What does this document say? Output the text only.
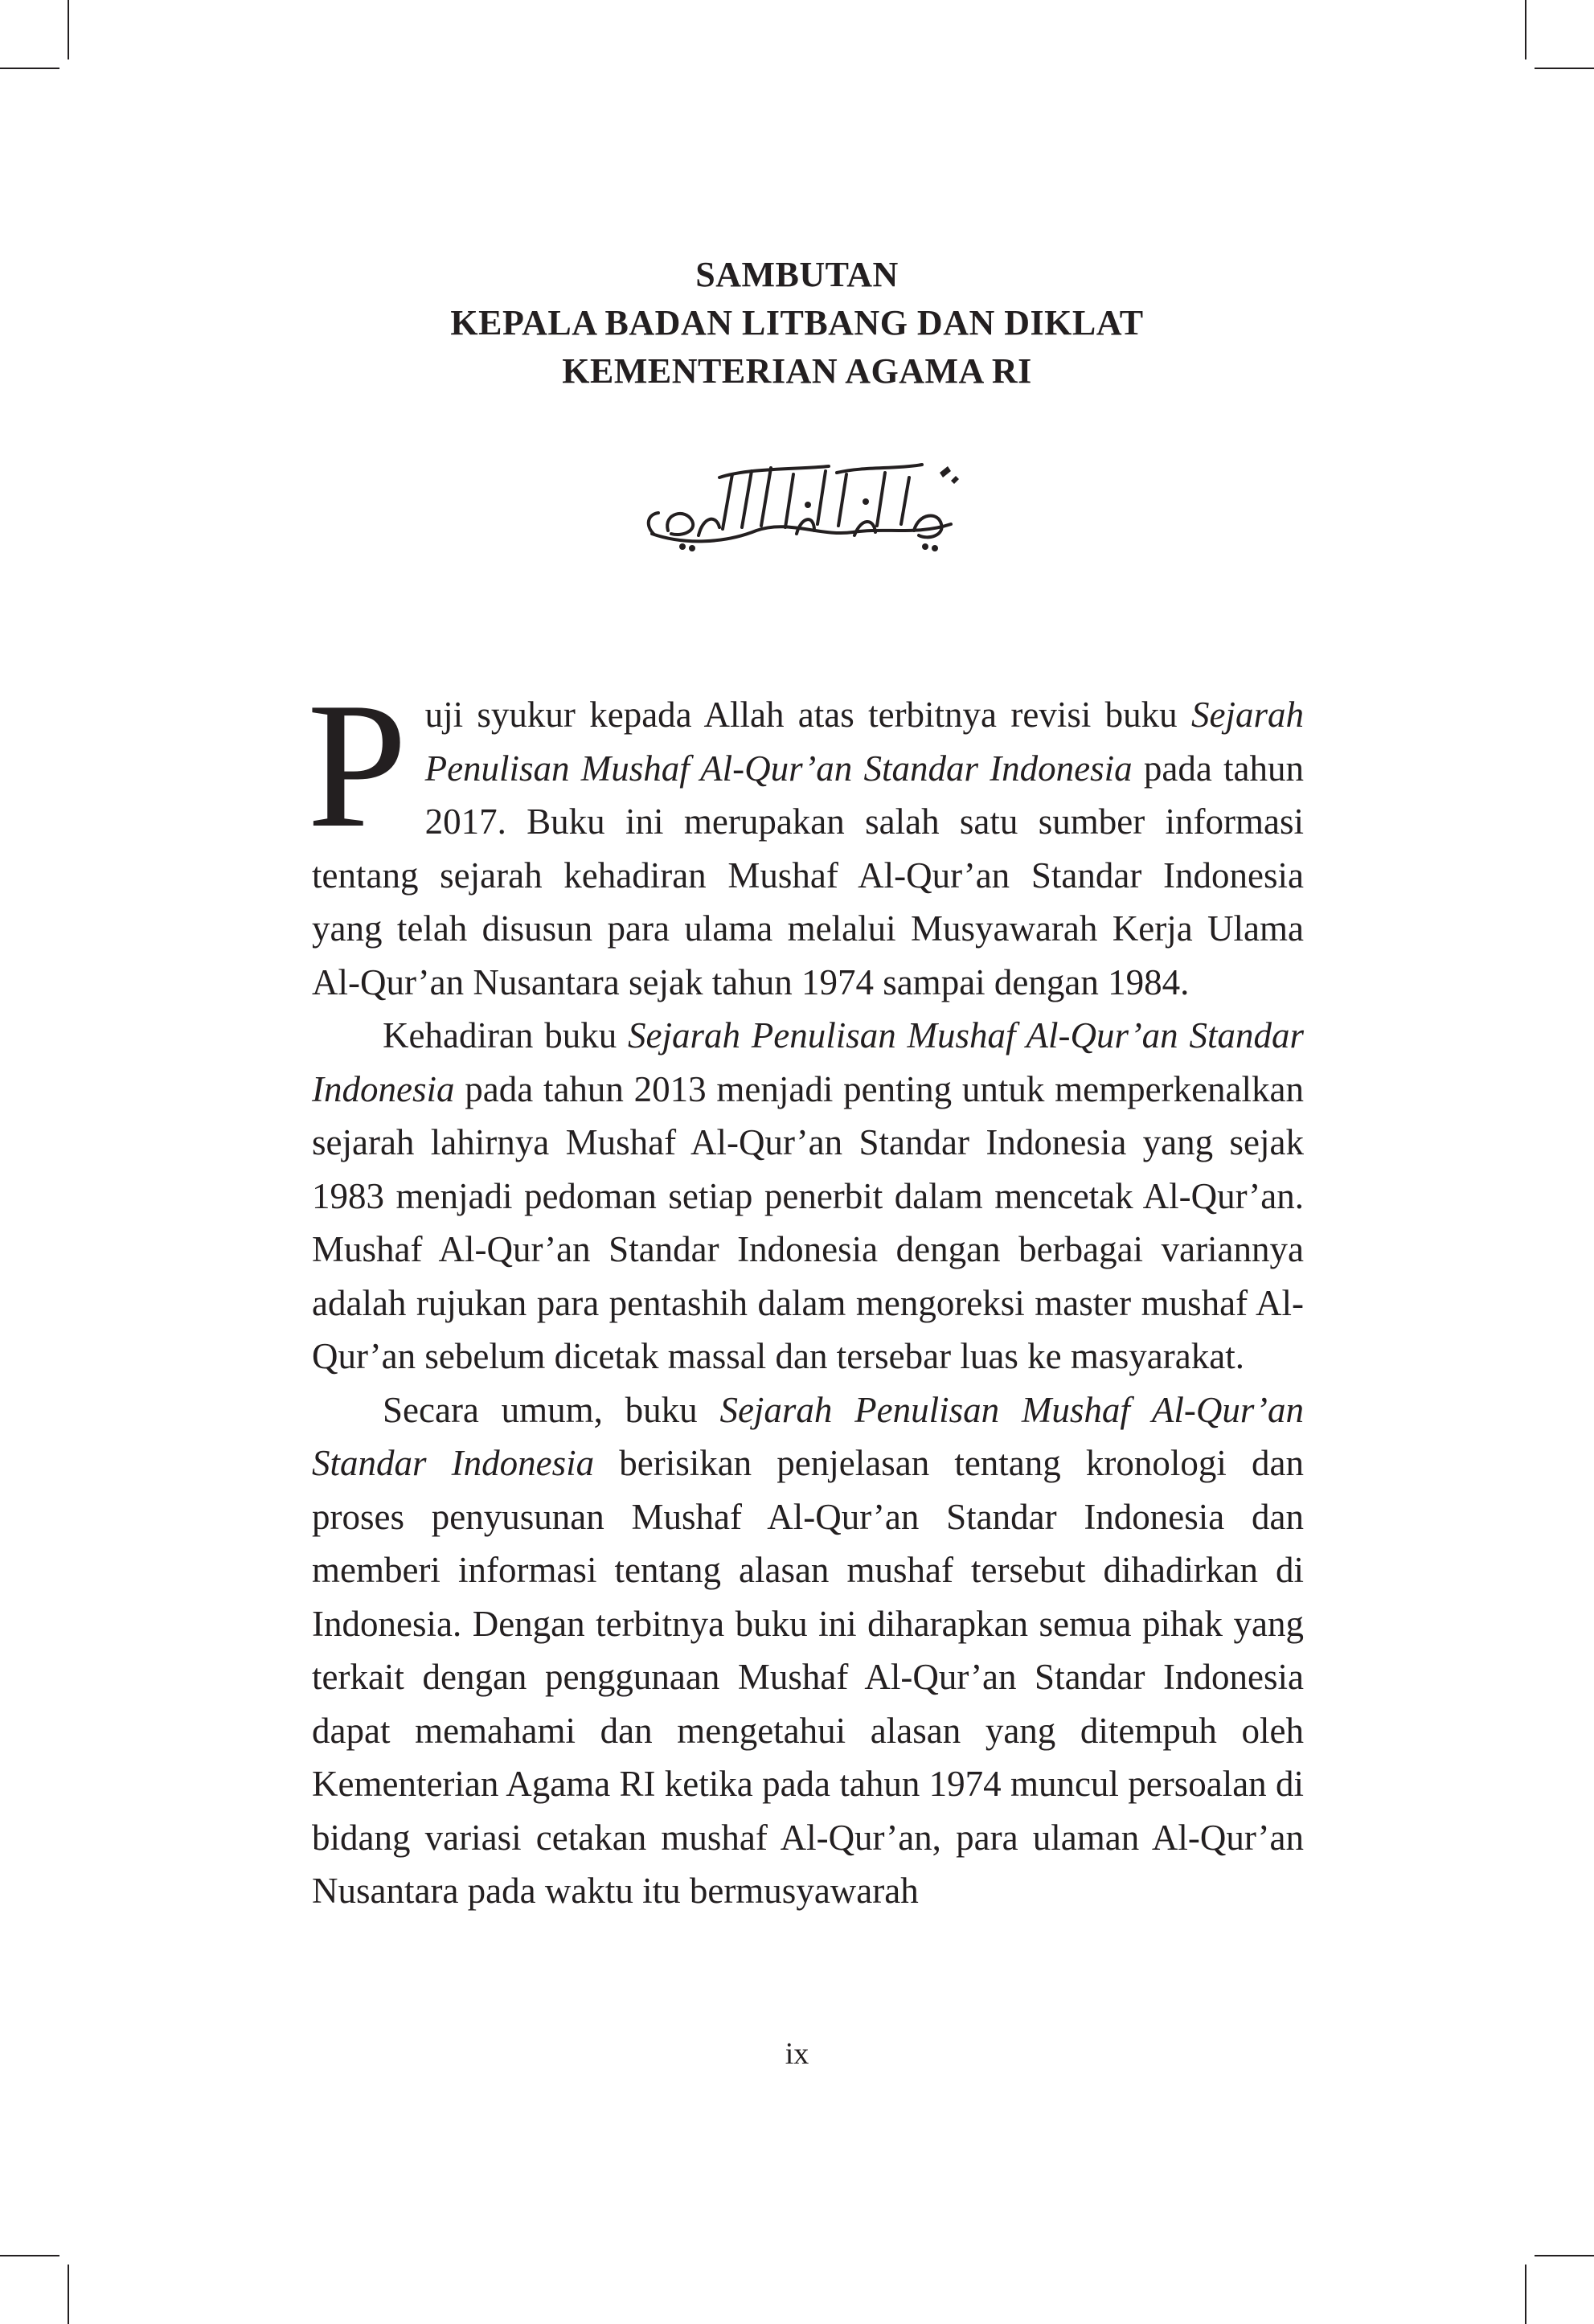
SAMBUTAN
KEPALA BADAN LITBANG DAN DIKLAT
KEMENTERIAN AGAMA RI

Puji syukur kepada Allah atas terbitnya revisi buku Sejarah Penulisan Mushaf Al-Qur’an Standar Indonesia pada tahun 2017. Buku ini merupakan salah satu sumber informasi tentang sejarah kehadiran Mushaf Al-Qur’an Standar Indonesia yang telah disusun para ulama melalui Musyawarah Kerja Ulama Al-Qur’an Nusantara sejak tahun 1974 sampai dengan 1984.

Kehadiran buku Sejarah Penulisan Mushaf Al-Qur’an Standar Indonesia pada tahun 2013 menjadi penting untuk memperkenalkan sejarah lahirnya Mushaf Al-Qur’an Standar Indonesia yang sejak 1983 menjadi pedoman setiap penerbit dalam mencetak Al-Qur’an. Mushaf Al-Qur’an Standar Indonesia dengan berbagai variannya adalah rujukan para pentashih dalam mengoreksi master mushaf Al-Qur’an sebelum dicetak massal dan tersebar luas ke masyarakat.

Secara umum, buku Sejarah Penulisan Mushaf Al-Qur’an Standar Indonesia berisikan penjelasan tentang kronologi dan proses penyusunan Mushaf Al-Qur’an Standar Indonesia dan memberi informasi tentang alasan mushaf tersebut dihadirkan di Indonesia. Dengan terbitnya buku ini diharapkan semua pihak yang terkait dengan penggunaan Mushaf Al-Qur’an Standar Indonesia dapat memahami dan mengetahui alasan yang ditempuh oleh Kementerian Agama RI ketika pada tahun 1974 muncul persoalan di bidang variasi cetakan mushaf Al-Qur’an, para ulaman Al-Qur’an Nusantara pada waktu itu bermusyawarah

ix
